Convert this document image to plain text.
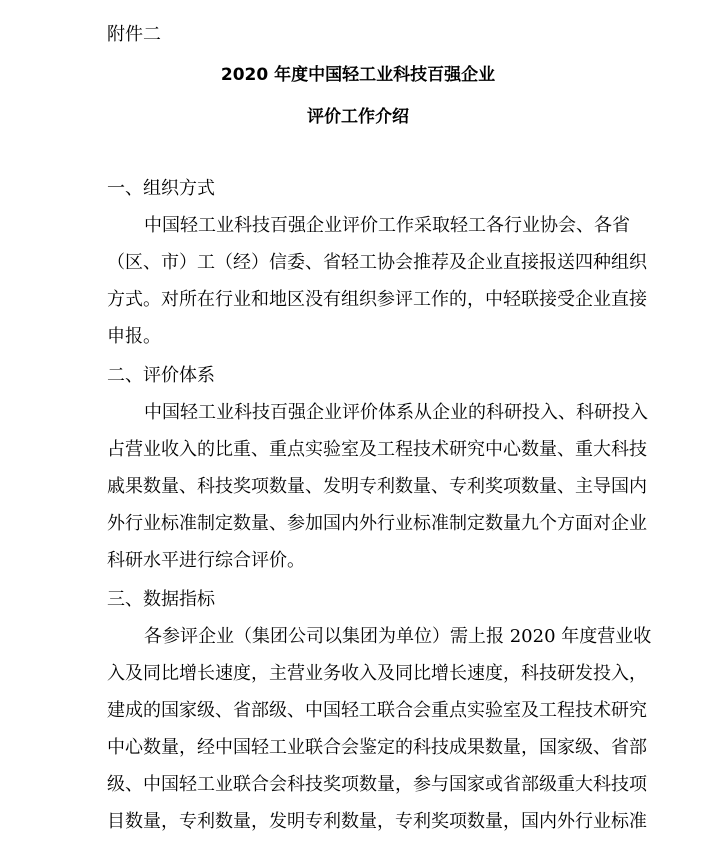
附件二

2020 年度中国轻工业科技百强企业

评价工作介绍

一、组织方式

中国轻工业科技百强企业评价工作采取轻工各行业协会、各省

（区、市）工（经）信委、省轻工协会推荐及企业直接报送四种组织

方式。对所在行业和地区没有组织参评工作的，中轻联接受企业直接

申报。

二、评价体系

中国轻工业科技百强企业评价体系从企业的科研投入、科研投入

占营业收入的比重、重点实验室及工程技术研究中心数量、重大科技

戚果数量、科技奖项数量、发明专利数量、专利奖项数量、主导国内

外行业标准制定数量、参加国内外行业标准制定数量九个方面对企业

科研水平进行综合评价。

三、数据指标

各参评企业（集团公司以集团为单位）需上报 2020 年度营业收

入及同比增长速度，主营业务收入及同比增长速度，科技研发投入，

建成的国家级、省部级、中国轻工联合会重点实验室及工程技术研究

中心数量，经中国轻工业联合会鉴定的科技成果数量，国家级、省部

级、中国轻工业联合会科技奖项数量，参与国家或省部级重大科技项

目数量，专利数量，发明专利数量，专利奖项数量，国内外行业标准
